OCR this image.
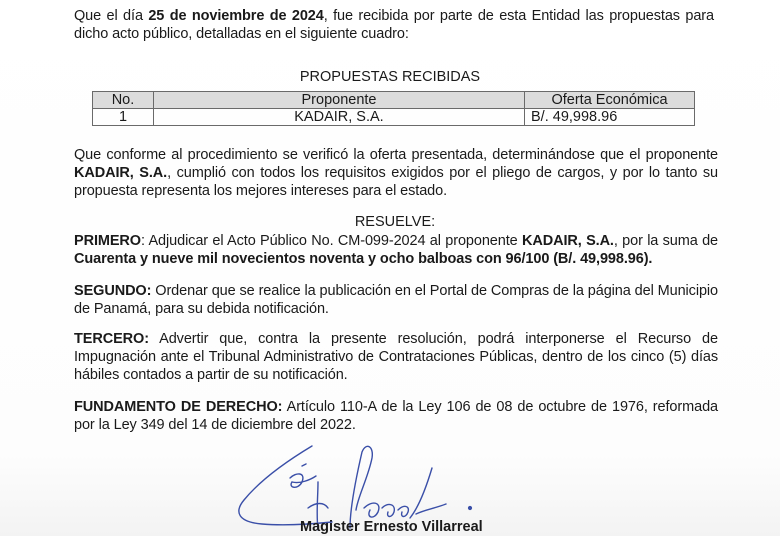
Que el día 25 de noviembre de 2024, fue recibida por parte de esta Entidad las propuestas para dicho acto público, detalladas en el siguiente cuadro:

PROPUESTAS RECIBIDAS
No.	Proponente	Oferta Económica
1	KADAIR, S.A.	B/. 49,998.96

Que conforme al procedimiento se verificó la oferta presentada, determinándose que el proponente KADAIR, S.A., cumplió con todos los requisitos exigidos por el pliego de cargos, y por lo tanto su propuesta representa los mejores intereses para el estado.

RESUELVE:

PRIMERO: Adjudicar el Acto Público No. CM-099-2024 al proponente KADAIR, S.A., por la suma de Cuarenta y nueve mil novecientos noventa y ocho balboas con 96/100 (B/. 49,998.96).

SEGUNDO: Ordenar que se realice la publicación en el Portal de Compras de la página del Municipio de Panamá, para su debida notificación.

TERCERO: Advertir que, contra la presente resolución, podrá interponerse el Recurso de Impugnación ante el Tribunal Administrativo de Contrataciones Públicas, dentro de los cinco (5) días hábiles contados a partir de su notificación.

FUNDAMENTO DE DERECHO: Artículo 110-A de la Ley 106 de 08 de octubre de 1976, reformada por la Ley 349 del 14 de diciembre del 2022.

Magister Ernesto Villarreal
